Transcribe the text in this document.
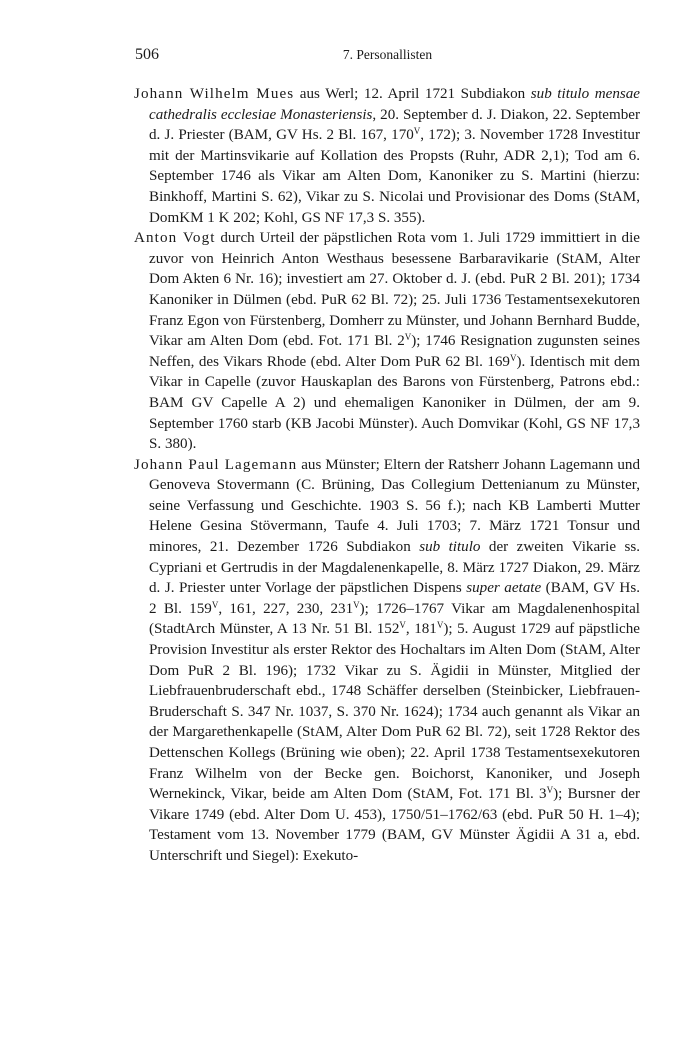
506	7. Personallisten

Johann Wilhelm Mues aus Werl; 12. April 1721 Subdiakon sub titulo mensae cathedralis ecclesiae Monasteriensis, 20. September d. J. Diakon, 22. September d. J. Priester (BAM, GV Hs. 2 Bl. 167, $170^V$, 172); 3. November 1728 Investitur mit der Martinsvikarie auf Kollation des Propsts (Ruhr, ADR 2,1); Tod am 6. September 1746 als Vikar am Alten Dom, Kanoniker zu S. Martini (hierzu: Binkhoff, Martini S. 62), Vikar zu S. Nicolai und Provisionar des Doms (StAM, DomKM 1 K 202; Kohl, GS NF 17,3 S. 355).

Anton Vogt durch Urteil der päpstlichen Rota vom 1. Juli 1729 immittiert in die zuvor von Heinrich Anton Westhaus besessene Barbaravikarie (StAM, Alter Dom Akten 6 Nr. 16); investiert am 27. Oktober d. J. (ebd. PuR 2 Bl. 201); 1734 Kanoniker in Dülmen (ebd. PuR 62 Bl. 72); 25. Juli 1736 Testamentsexekutoren Franz Egon von Fürstenberg, Domherr zu Münster, und Johann Bernhard Budde, Vikar am Alten Dom (ebd. Fot. 171 Bl. $2^V$); 1746 Resignation zugunsten seines Neffen, des Vikars Rhode (ebd. Alter Dom PuR 62 Bl. $169^V$). Identisch mit dem Vikar in Capelle (zuvor Hauskaplan des Barons von Fürstenberg, Patrons ebd.: BAM GV Capelle A 2) und ehemaligen Kanoniker in Dülmen, der am 9. September 1760 starb (KB Jacobi Münster). Auch Domvikar (Kohl, GS NF 17,3 S. 380).

Johann Paul Lagemann aus Münster; Eltern der Ratsherr Johann Lagemann und Genoveva Stovermann (C. Brüning, Das Collegium Dettenianum zu Münster, seine Verfassung und Geschichte. 1903 S. 56 f.); nach KB Lamberti Mutter Helene Gesina Stövermann, Taufe 4. Juli 1703; 7. März 1721 Tonsur und minores, 21. Dezember 1726 Subdiakon sub titulo der zweiten Vikarie ss. Cypriani et Gertrudis in der Magdalenenkapelle, 8. März 1727 Diakon, 29. März d. J. Priester unter Vorlage der päpstlichen Dispens super aetate (BAM, GV Hs. 2 Bl. $159^V$, 161, 227, 230, $231^V$); 1726–1767 Vikar am Magdalenenhospital (StadtArch Münster, A 13 Nr. 51 Bl. $152^V$, $181^V$); 5. August 1729 auf päpstliche Provision Investitur als erster Rektor des Hochaltars im Alten Dom (StAM, Alter Dom PuR 2 Bl. 196); 1732 Vikar zu S. Ägidii in Münster, Mitglied der Liebfrauenbruderschaft ebd., 1748 Schäffer derselben (Steinbicker, Liebfrauen-Bruderschaft S. 347 Nr. 1037, S. 370 Nr. 1624); 1734 auch genannt als Vikar an der Margarethenkapelle (StAM, Alter Dom PuR 62 Bl. 72), seit 1728 Rektor des Dettenschen Kollegs (Brüning wie oben); 22. April 1738 Testamentsexekutoren Franz Wilhelm von der Becke gen. Boichorst, Kanoniker, und Joseph Wernekinck, Vikar, beide am Alten Dom (StAM, Fot. 171 Bl. $3^V$); Bursner der Vikare 1749 (ebd. Alter Dom U. 453), 1750/51–1762/63 (ebd. PuR 50 H. 1–4); Testament vom 13. November 1779 (BAM, GV Münster Ägidii A 31 a, ebd. Unterschrift und Siegel): Exekuto-
